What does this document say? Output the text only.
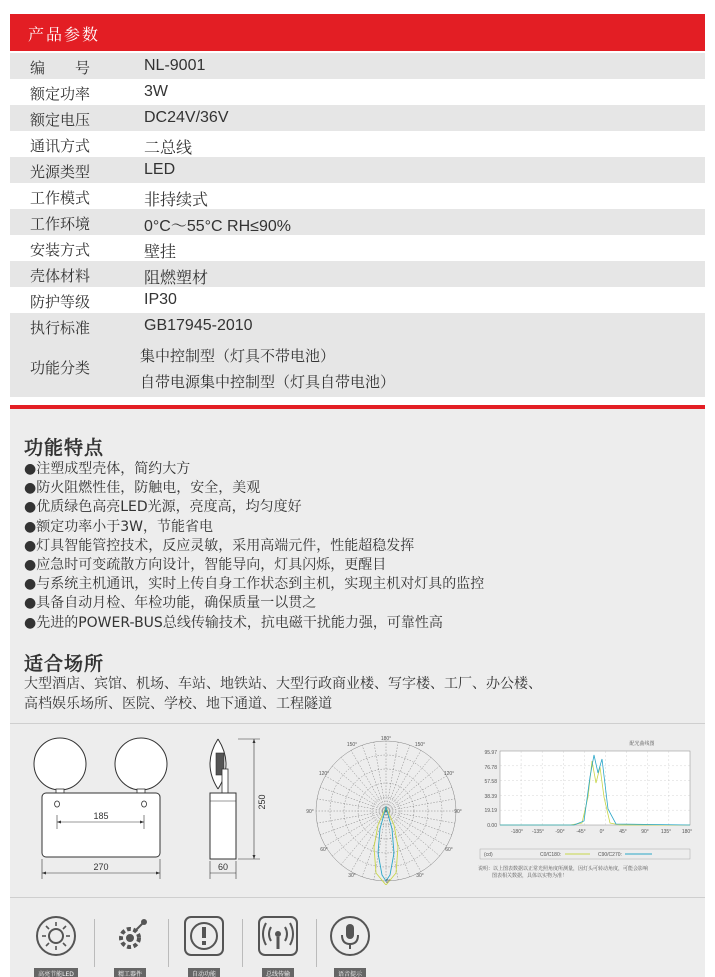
产品参数
编 号	NL-9001
额定功率	3W
额定电压	DC24V/36V
通讯方式	二总线
光源类型	LED
工作模式	非持续式
工作环境	0°C～55°C RH≤90%
安装方式	壁挂
壳体材料	阻燃塑材
防护等级	IP30
执行标准	GB17945-2010
功能分类
集中控制型（灯具不带电池）
自带电源集中控制型（灯具自带电池）
功能特点
●注塑成型壳体，简约大方
●防火阻燃性佳，防触电，安全，美观
●优质绿色高亮LED光源，亮度高，均匀度好
●额定功率小于3W，节能省电
●灯具智能管控技术，反应灵敏，采用高端元件，性能超稳发挥
●应急时可变疏散方向设计，智能导向，灯具闪烁，更醒目
●与系统主机通讯，实时上传自身工作状态到主机，实现主机对灯具的监控
●具备自动月检、年检功能，确保质量一以贯之
●先进的POWER-BUS总线传输技术，抗电磁干扰能力强，可靠性高
适合场所
大型酒店、宾馆、机场、车站、地铁站、大型行政商业楼、写字楼、工厂、办公楼、
高档娱乐场所、医院、学校、地下通道、工程隧道
185
270
250
60
180°
150°	150°
120°	120°
90°	90°
60°	60°
30°	30°
0°
配光曲线图
95.97
76.78
57.58
38.39
19.19
0.00
-180° -135° -90° -45°	0°	45°	90° 135° 180°
(cd)	C0/C180:	C90/C270:
说明：以上图表数据以正常光照角度所测量，因灯头可转动角度，可能会影响
图表相关数据，具体以实物为准！
高亮节能LED	精工器件	自动功能	总线传输	语音提示
